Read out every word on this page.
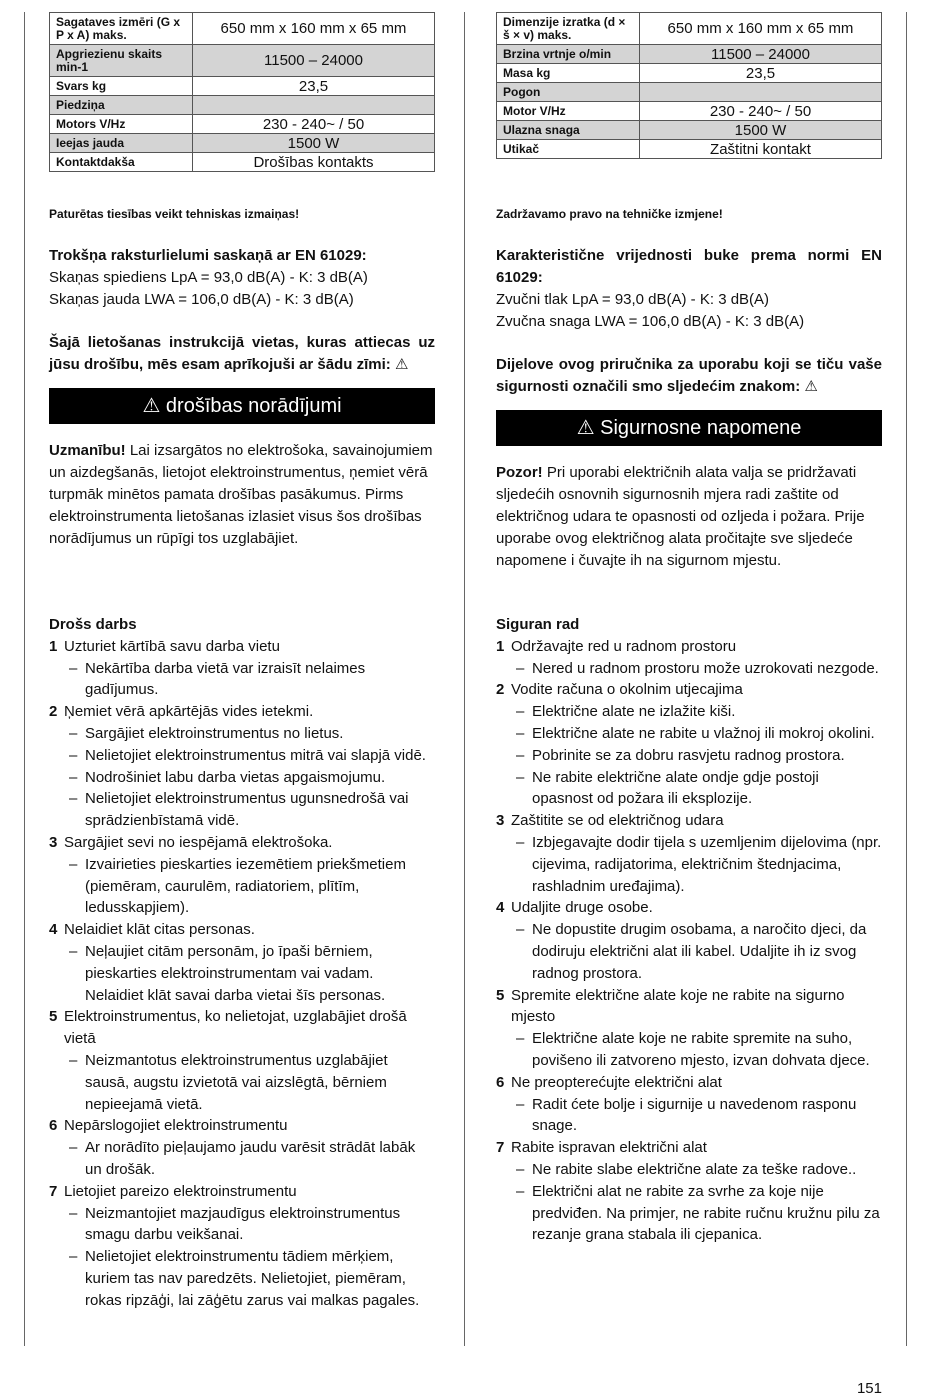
Sagataves izmēri (G x P x A) maks.	650 mm x 160 mm x 65 mm
Apgriezienu skaits min-1	11500 – 24000
Svars kg	23,5
Piedziņa	
Motors V/Hz	230 - 240~ / 50
Ieejas jauda	1500 W
Kontaktdakša	Drošības kontakts

Paturētas tiesības veikt tehniskas izmaiņas!

Trokšņa raksturlielumi saskaņā ar EN 61029:

Skaņas spiediens LpA = 93,0 dB(A) - K: 3 dB(A)

Skaņas jauda LWA = 106,0 dB(A) - K: 3 dB(A)

Šajā lietošanas instrukcijā vietas, kuras attiecas uz jūsu drošību, mēs esam aprīkojuši ar šādu zīmi: ⚠

⚠ drošības norādījumi

Uzmanību! Lai izsargātos no elektrošoka, savainojumiem un aizdegšanās, lietojot elektroinstrumentus, ņemiet vērā turpmāk minētos pamata drošības pasākumus. Pirms elektroinstrumenta lietošanas izlasiet visus šos drošības norādījumus un rūpīgi tos uzglabājiet.

Drošs darbs
1 Uzturiet kārtībā savu darba vietu
– Nekārtība darba vietā var izraisīt nelaimes gadījumus.
2 Ņemiet vērā apkārtējās vides ietekmi.
– Sargājiet elektroinstrumentus no lietus.
– Nelietojiet elektroinstrumentus mitrā vai slapjā vidē.
– Nodrošiniet labu darba vietas apgaismojumu.
– Nelietojiet elektroinstrumentus ugunsnedrošā vai sprādzienbīstamā vidē.
3 Sargājiet sevi no iespējamā elektrošoka.
– Izvairieties pieskarties iezemētiem priekšmetiem (piemēram, caurulēm, radiatoriem, plītīm, ledusskapjiem).
4 Nelaidiet klāt citas personas.
– Neļaujiet citām personām, jo īpaši bērniem, pieskarties elektroinstrumentam vai vadam. Nelaidiet klāt savai darba vietai šīs personas.
5 Elektroinstrumentus, ko nelietojat, uzglabājiet drošā vietā
– Neizmantotus elektroinstrumentus uzglabājiet sausā, augstu izvietotā vai aizslēgtā, bērniem nepieejamā vietā.
6 Nepārslogojiet elektroinstrumentu
– Ar norādīto pieļaujamo jaudu varēsit strādāt labāk un drošāk.
7 Lietojiet pareizo elektroinstrumentu
– Neizmantojiet mazjaudīgus elektroinstrumentus smagu darbu veikšanai.
– Nelietojiet elektroinstrumentu tādiem mērķiem, kuriem tas nav paredzēts. Nelietojiet, piemēram, rokas ripzāģi, lai zāģētu zarus vai malkas pagales.
Dimenzije izratka (d × š × v) maks.	650 mm x 160 mm x 65 mm
Brzina vrtnje o/min	11500 – 24000
Masa kg	23,5
Pogon	
Motor V/Hz	230 - 240~ / 50
Ulazna snaga	1500 W
Utikač	Zaštitni kontakt

Zadržavamo pravo na tehničke izmjene!

Karakteristične vrijednosti buke prema normi EN 61029:

Zvučni tlak LpA = 93,0 dB(A) - K: 3 dB(A)

Zvučna snaga LWA = 106,0 dB(A) - K: 3 dB(A)

Dijelove ovog priručnika za uporabu koji se tiču vaše sigurnosti označili smo sljedećim znakom: ⚠

⚠ Sigurnosne napomene

Pozor! Pri uporabi električnih alata valja se pridržavati sljedećih osnovnih sigurnosnih mjera radi zaštite od električnog udara te opasnosti od ozljeda i požara. Prije uporabe ovog električnog alata pročitajte sve sljedeće napomene i čuvajte ih na sigurnom mjestu.

Siguran rad
1 Održavajte red u radnom prostoru
– Nered u radnom prostoru može uzrokovati nezgode.
2 Vodite računa o okolnim utjecajima
– Električne alate ne izlažite kiši.
– Električne alate ne rabite u vlažnoj ili mokroj okolini.
– Pobrinite se za dobru rasvjetu radnog prostora.
– Ne rabite električne alate ondje gdje postoji opasnost od požara ili eksplozije.
3 Zaštitite se od električnog udara
– Izbjegavajte dodir tijela s uzemljenim dijelovima (npr. cijevima, radijatorima, električnim štednjacima, rashladnim uređajima).
4 Udaljite druge osobe.
– Ne dopustite drugim osobama, a naročito djeci, da dodiruju električni alat ili kabel. Udaljite ih iz svog radnog prostora.
5 Spremite električne alate koje ne rabite na sigurno mjesto
– Električne alate koje ne rabite spremite na suho, povišeno ili zatvoreno mjesto, izvan dohvata djece.
6 Ne preopterećujte električni alat
– Radit ćete bolje i sigurnije u navedenom rasponu snage.
7 Rabite ispravan električni alat
– Ne rabite slabe električne alate za teške radove..
– Električni alat ne rabite za svrhe za koje nije predviđen. Na primjer, ne rabite ručnu kružnu pilu za rezanje grana stabala ili cjepanica.
151
